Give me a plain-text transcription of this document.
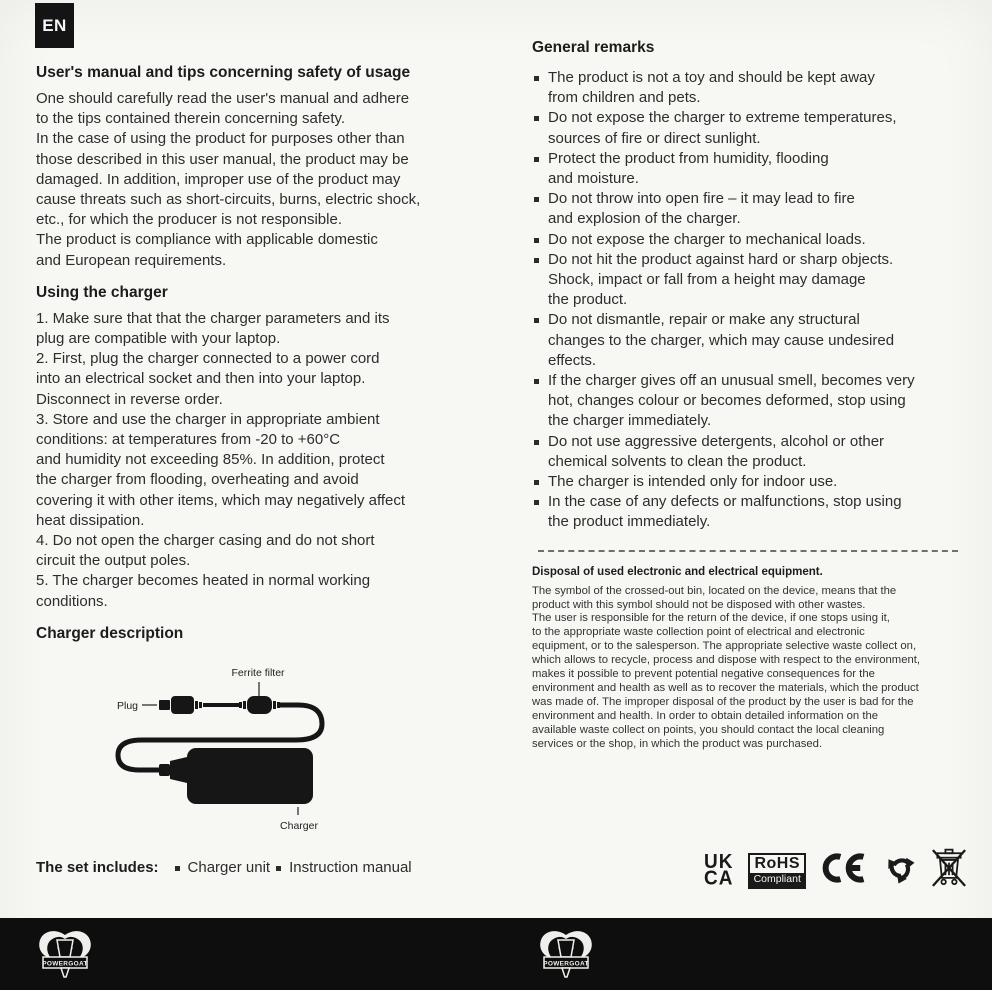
EN
User's manual and tips concerning safety of usage

One should carefully read the user's manual and adhere
to the tips contained therein concerning safety.
In the case of using the product for purposes other than
those described in this user manual, the product may be
damaged. In addition, improper use of the product may
cause threats such as short-circuits, burns, electric shock,
etc., for which the producer is not responsible.
The product is compliance with applicable domestic
and European requirements.

Using the charger

1. Make sure that that the charger parameters and its
plug are compatible with your laptop.
2. First, plug the charger connected to a power cord
into an electrical socket and then into your laptop.
Disconnect in reverse order.
3. Store and use the charger in appropriate ambient
conditions: at temperatures from -20 to +60°C
and humidity not exceeding 85%. In addition, protect
the charger from flooding, overheating and avoid
covering it with other items, which may negatively affect
heat dissipation.
4. Do not open the charger casing and do not short
circuit the output poles.
5. The charger becomes heated in normal working
conditions.

Charger description
Ferrite filter
Plug
Charger
The set includes: Charger unit Instruction manual
General remarks
The product is not a toy and should be kept away
from children and pets.
Do not expose the charger to extreme temperatures,
sources of fire or direct sunlight.
Protect the product from humidity, flooding
and moisture.
Do not throw into open fire – it may lead to fire
and explosion of the charger.
Do not expose the charger to mechanical loads.
Do not hit the product against hard or sharp objects.
Shock, impact or fall from a height may damage
the product.
Do not dismantle, repair or make any structural
changes to the charger, which may cause undesired
effects.
If the charger gives off an unusual smell, becomes very
hot, changes colour or becomes deformed, stop using
the charger immediately.
Do not use aggressive detergents, alcohol or other
chemical solvents to clean the product.
The charger is intended only for indoor use.
In the case of any defects or malfunctions, stop using
the product immediately.
Disposal of used electronic and electrical equipment.

The symbol of the crossed-out bin, located on the device, means that the
product with this symbol should not be disposed with other wastes.
The user is responsible for the return of the device, if one stops using it,
to the appropriate waste collection point of electrical and electronic
equipment, or to the salesperson. The appropriate selective waste collect on,
which allows to recycle, process and dispose with respect to the environment,
makes it possible to prevent potential negative consequences for the
environment and health as well as to recover the materials, which the product
was made of. The improper disposal of the product by the user is bad for the
environment and health. In order to obtain detailed information on the
available waste collect on points, you should contact the local cleaning
services or the shop, in which the product was purchased.

UK
CA
RoHS
Compliant
POWERGOAT	POWERGOAT
